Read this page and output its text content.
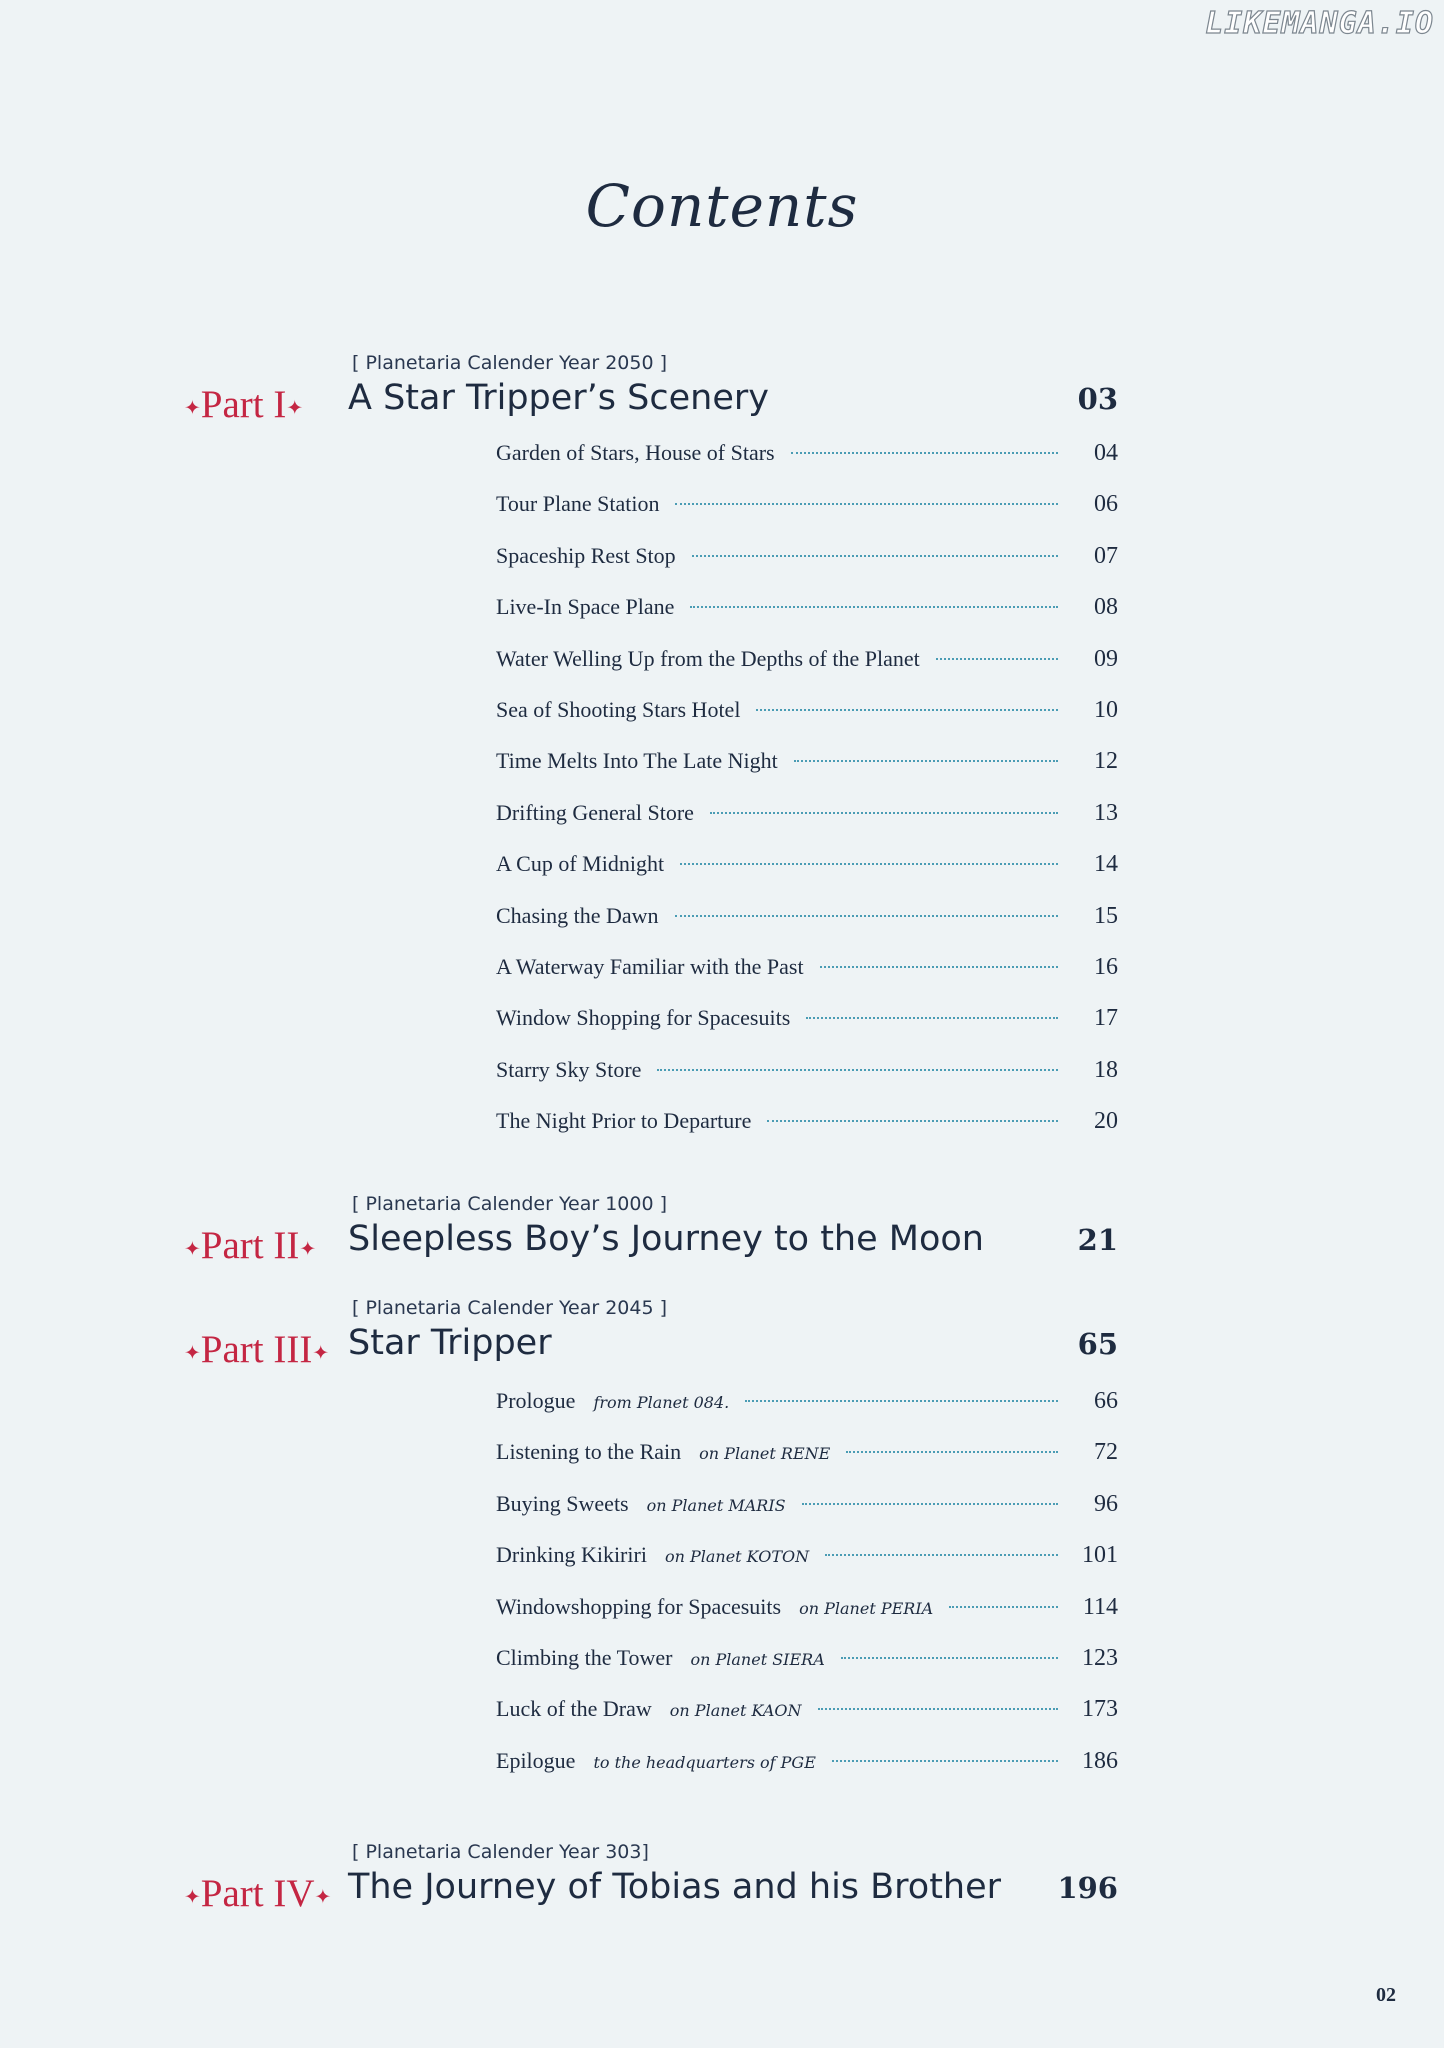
LIKEMANGA.IO
Contents
[ Planetaria Calender Year 2050 ]
✦Part I✦ A Star Tripper’s Scenery	03
Garden of Stars, House of Stars	04
Tour Plane Station	06
Spaceship Rest Stop	07
Live-In Space Plane	08
Water Welling Up from the Depths of the Planet	09
Sea of Shooting Stars Hotel	10
Time Melts Into The Late Night	12
Drifting General Store	13
A Cup of Midnight	14
Chasing the Dawn	15
A Waterway Familiar with the Past	16
Window Shopping for Spacesuits	17
Starry Sky Store	18
The Night Prior to Departure	20
[ Planetaria Calender Year 1000 ]
✦Part II✦ Sleepless Boy’s Journey to the Moon	21
[ Planetaria Calender Year 2045 ]
✦Part III✦ Star Tripper	65
Prologue from Planet 084.	66
Listening to the Rain on Planet RENE	72
Buying Sweets on Planet MARIS	96
Drinking Kikiriri on Planet KOTON	101
Windowshopping for Spacesuits on Planet PERIA	114
Climbing the Tower on Planet SIERA	123
Luck of the Draw on Planet KAON	173
Epilogue to the headquarters of PGE	186
[ Planetaria Calender Year 303]
✦Part IV✦ The Journey of Tobias and his Brother 196
02
